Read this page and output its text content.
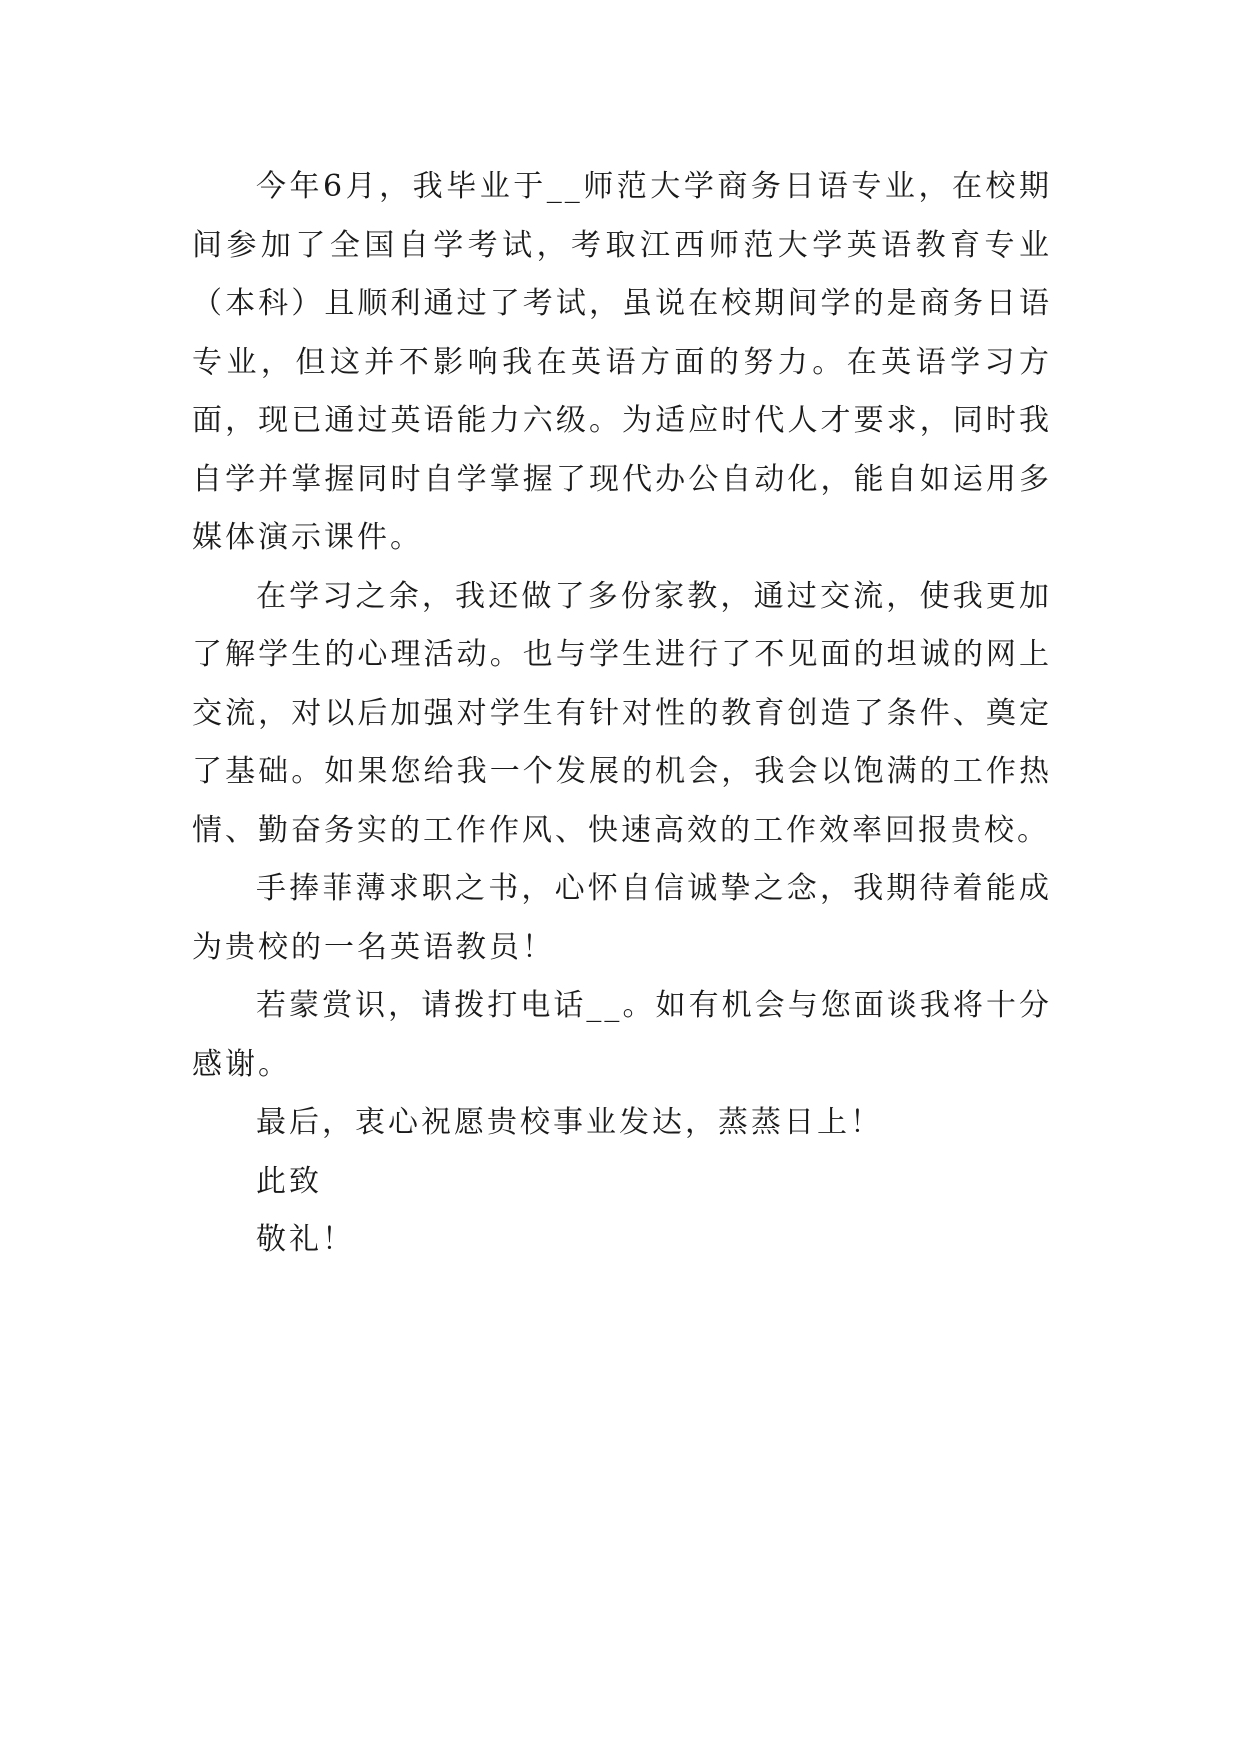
今年6月，我毕业于__师范大学商务日语专业，在校期间参加了全国自学考试，考取江西师范大学英语教育专业（本科）且顺利通过了考试，虽说在校期间学的是商务日语专业，但这并不影响我在英语方面的努力。在英语学习方面，现已通过英语能力六级。为适应时代人才要求，同时我自学并掌握同时自学掌握了现代办公自动化，能自如运用多媒体演示课件。

在学习之余，我还做了多份家教，通过交流，使我更加了解学生的心理活动。也与学生进行了不见面的坦诚的网上交流，对以后加强对学生有针对性的教育创造了条件、奠定了基础。如果您给我一个发展的机会，我会以饱满的工作热情、勤奋务实的工作作风、快速高效的工作效率回报贵校。

手捧菲薄求职之书，心怀自信诚挚之念，我期待着能成为贵校的一名英语教员！

若蒙赏识，请拨打电话__。如有机会与您面谈我将十分感谢。

最后，衷心祝愿贵校事业发达，蒸蒸日上！

此致

敬礼！
